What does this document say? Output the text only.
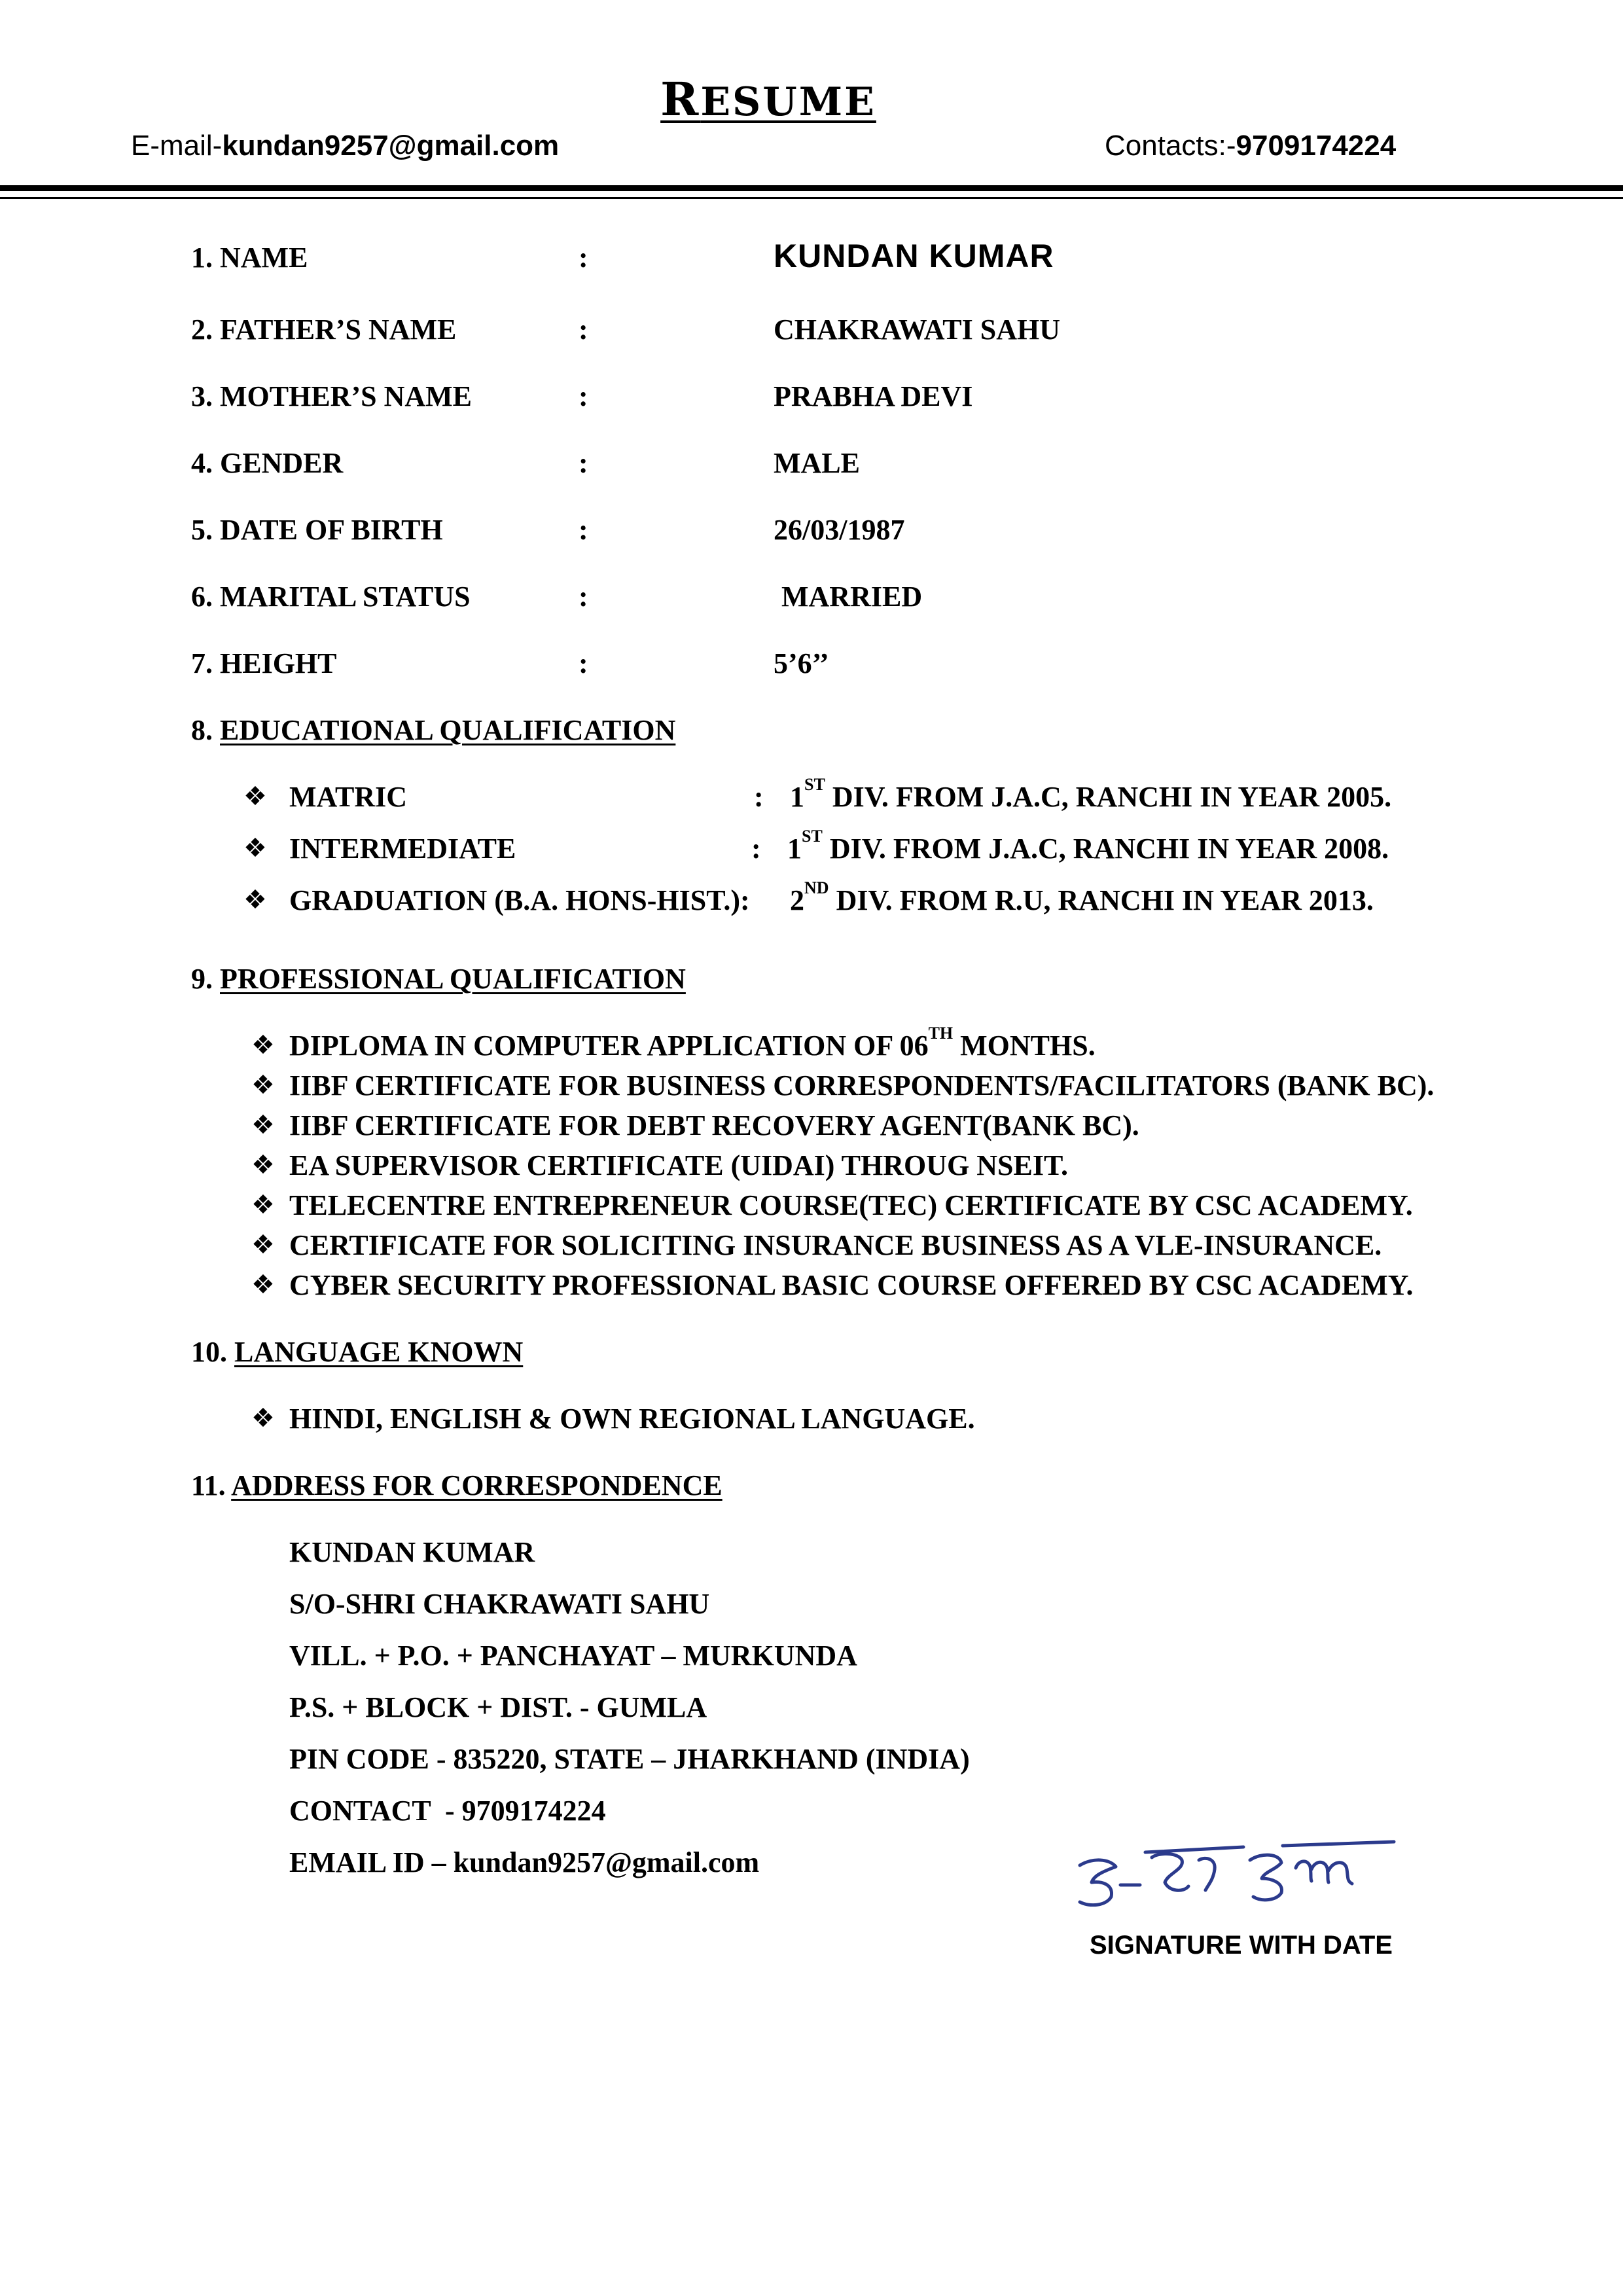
RESUME
E-mail-kundan9257@gmail.com	Contacts:-9709174224
1. NAME	:	KUNDAN KUMAR
2. FATHER’S NAME	:	CHAKRAWATI SAHU
3. MOTHER’S NAME	:	PRABHA DEVI
4. GENDER	:	MALE
5. DATE OF BIRTH	:	26/03/1987
6. MARITAL STATUS	:	MARRIED
7. HEIGHT	:	5’6’’
8. EDUCATIONAL QUALIFICATION
❖ MATRIC	: 1ST DIV. FROM J.A.C, RANCHI IN YEAR 2005.
❖ INTERMEDIATE	: 1ST DIV. FROM J.A.C, RANCHI IN YEAR 2008.
❖ GRADUATION (B.A. HONS-HIST.): 2ND DIV. FROM R.U, RANCHI IN YEAR 2013.
9. PROFESSIONAL QUALIFICATION
❖ DIPLOMA IN COMPUTER APPLICATION OF 06TH MONTHS.
❖ IIBF CERTIFICATE FOR BUSINESS CORRESPONDENTS/FACILITATORS (BANK BC).
❖ IIBF CERTIFICATE FOR DEBT RECOVERY AGENT(BANK BC).
❖ EA SUPERVISOR CERTIFICATE (UIDAI) THROUG NSEIT.
❖ TELECENTRE ENTREPRENEUR COURSE(TEC) CERTIFICATE BY CSC ACADEMY.
❖ CERTIFICATE FOR SOLICITING INSURANCE BUSINESS AS A VLE-INSURANCE.
❖ CYBER SECURITY PROFESSIONAL BASIC COURSE OFFERED BY CSC ACADEMY.
10. LANGUAGE KNOWN
❖ HINDI, ENGLISH & OWN REGIONAL LANGUAGE.
11. ADDRESS FOR CORRESPONDENCE
KUNDAN KUMAR
S/O-SHRI CHAKRAWATI SAHU
VILL. + P.O. + PANCHAYAT – MURKUNDA
P.S. + BLOCK + DIST. - GUMLA
PIN CODE - 835220, STATE – JHARKHAND (INDIA)
CONTACT  - 9709174224
EMAIL ID – kundan9257@gmail.com
SIGNATURE WITH DATE
